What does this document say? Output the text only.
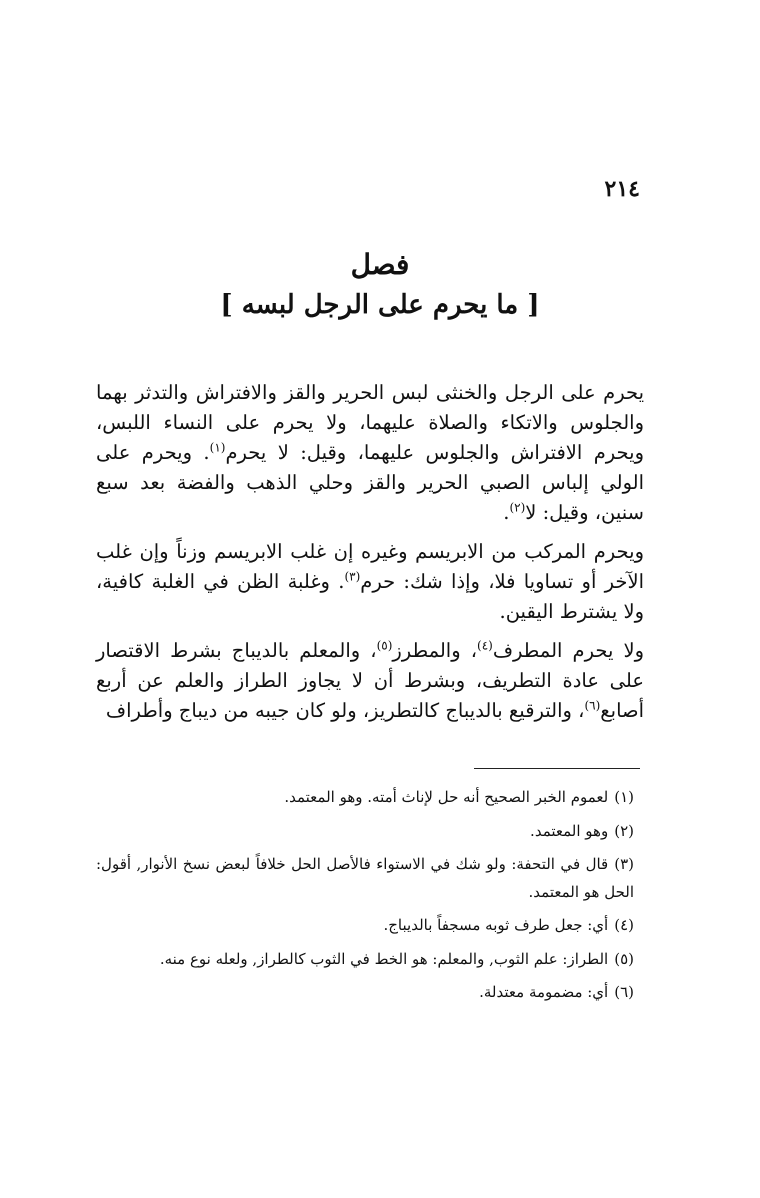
٢١٤
فصل
[ ما يحرم على الرجل لبسه ]

يحرم على الرجل والخنثى لبس الحرير والقز والافتراش والتدثر بهما والجلوس والاتكاء والصلاة عليهما، ولا يحرم على النساء اللبس، ويحرم الافتراش والجلوس عليهما، وقيل: لا يحرم$^{(١)}$. ويحرم على الولي إلباس الصبي الحرير والقز وحلي الذهب والفضة بعد سبع سنين، وقيل: لا$^{(٢)}$.

ويحرم المركب من الابريسم وغيره إن غلب الابريسم وزناً وإن غلب الآخر أو تساويا فلا، وإذا شك: حرم$^{(٣)}$. وغلبة الظن في الغلبة كافية، ولا يشترط اليقين.

ولا يحرم المطرف$^{(٤)}$، والمطرز$^{(٥)}$، والمعلم بالديباج بشرط الاقتصار على عادة التطريف، وبشرط أن لا يجاوز الطراز والعلم عن أربع أصابع$^{(٦)}$، والترقيع بالديباج كالتطريز، ولو كان جيبه من ديباج وأطراف

(١)لعموم الخبر الصحيح أنه حل لإناث أمته. وهو المعتمد.
(٢)وهو المعتمد.
(٣)قال في التحفة: ولو شك في الاستواء فالأصل الحل خلافاً لبعض نسخ الأنوار, أقول: الحل هو المعتمد.
(٤)أي: جعل طرف ثوبه مسجفاً بالديباج.
(٥)الطراز: علم الثوب, والمعلم: هو الخط في الثوب كالطراز, ولعله نوع منه.
(٦)أي: مضمومة معتدلة.
